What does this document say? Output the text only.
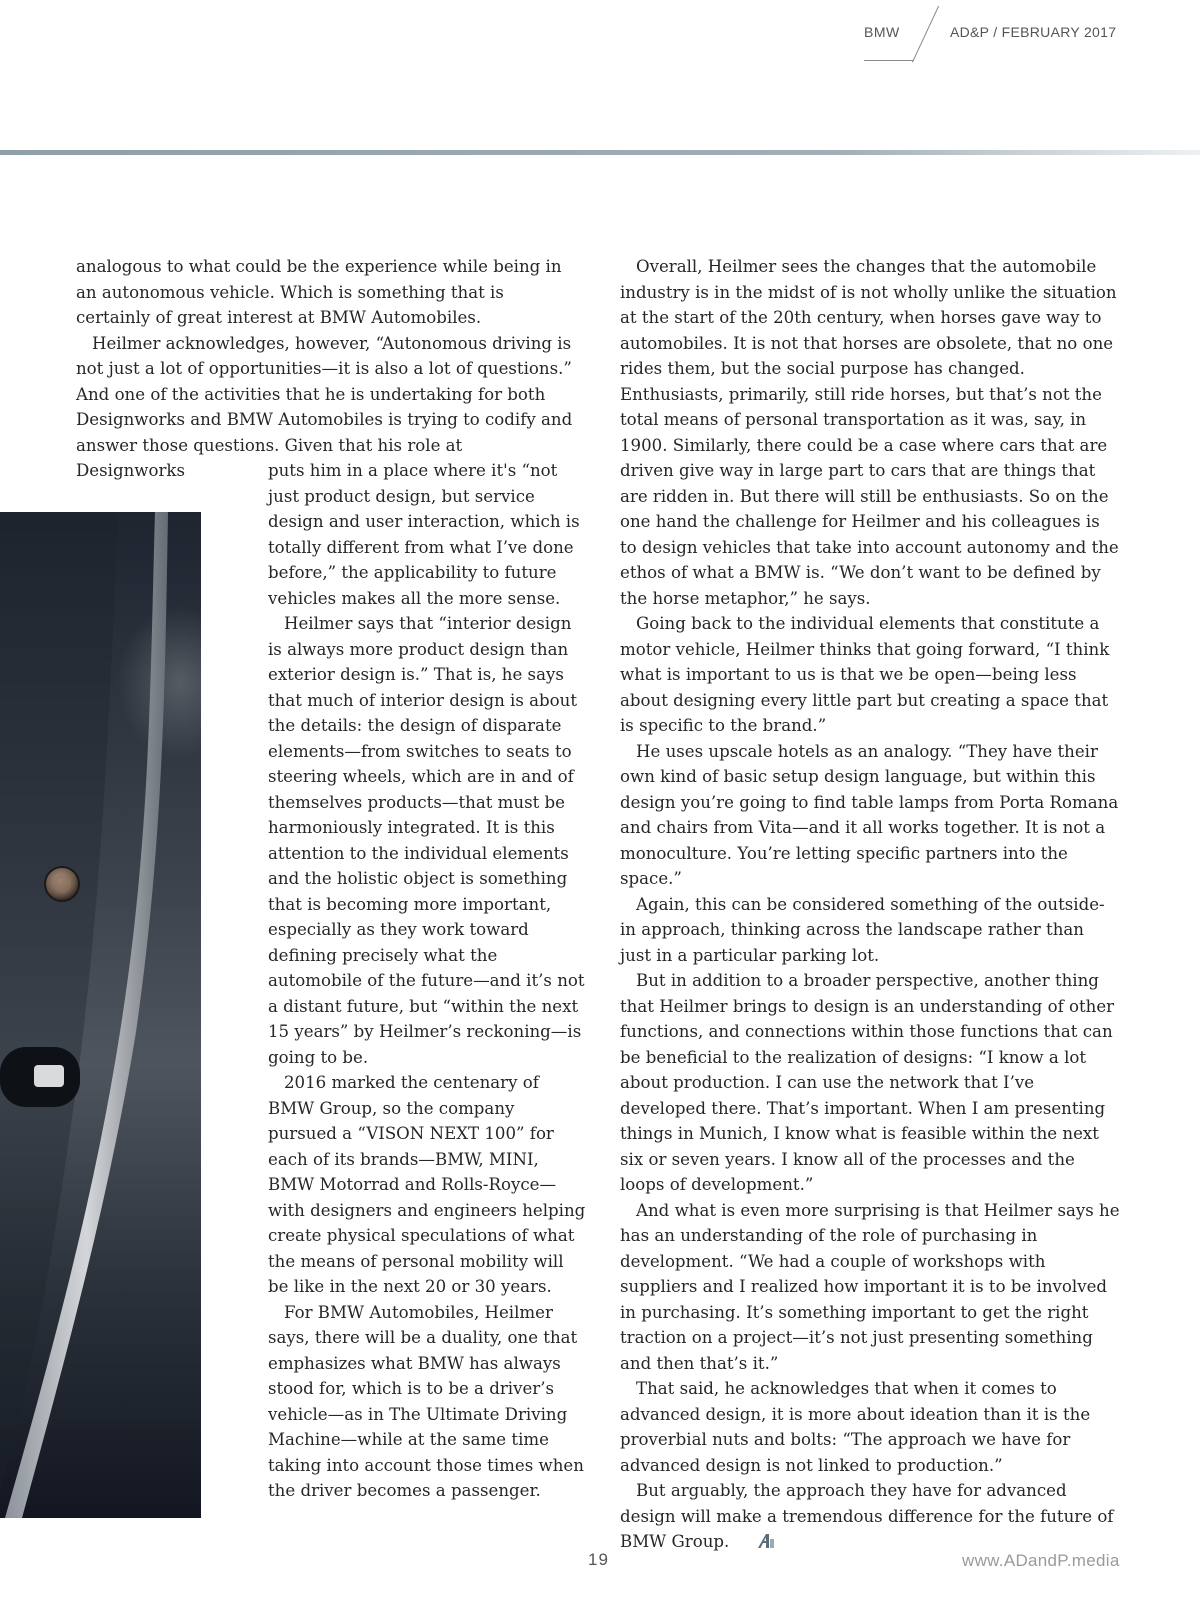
BMW	AD&P / FEBRUARY 2017

analogous to what could be the experience while being in an autonomous vehicle. Which is something that is certainly of great interest at BMW Automobiles.

Heilmer acknowledges, however, “Autonomous driving is not just a lot of opportunities—it is also a lot of questions.” And one of the activities that he is undertaking for both Designworks and BMW Automobiles is trying to codify and answer those questions. Given that his role at Designworks	puts him in a place where it's “not just product design, but service design and user interaction, which is totally different from what I’ve done before,” the applicability to future vehicles makes all the more sense.

Heilmer says that “interior design is always more product design than exterior design is.” That is, he says that much of interior design is about the details: the design of disparate elements—from switches to seats to steering wheels, which are in and of themselves products—that must be harmoniously integrated. It is this attention to the individual elements and the holistic object is something that is becoming more important, especially as they work toward defining precisely what the automobile of the future—and it’s not a distant future, but “within the next 15 years” by Heilmer’s reckoning—is going to be.

2016 marked the centenary of BMW Group, so the company pursued a “VISON NEXT 100” for each of its brands—BMW, MINI, BMW Motorrad and Rolls-Royce—with designers and engineers helping create physical speculations of what the means of personal mobility will be like in the next 20 or 30 years.

For BMW Automobiles, Heilmer says, there will be a duality, one that emphasizes what BMW has always stood for, which is to be a driver’s vehicle—as in The Ultimate Driving Machine—while at the same time taking into account those times when the driver becomes a passenger.

Overall, Heilmer sees the changes that the automobile industry is in the midst of is not wholly unlike the situation at the start of the 20th century, when horses gave way to automobiles. It is not that horses are obsolete, that no one rides them, but the social purpose has changed. Enthusiasts, primarily, still ride horses, but that’s not the total means of personal transportation as it was, say, in 1900. Similarly, there could be a case where cars that are driven give way in large part to cars that are things that are ridden in. But there will still be enthusiasts. So on the one hand the challenge for Heilmer and his colleagues is to design vehicles that take into account autonomy and the ethos of what a BMW is. “We don’t want to be defined by the horse metaphor,” he says.

Going back to the individual elements that constitute a motor vehicle, Heilmer thinks that going forward, “I think what is important to us is that we be open—being less about designing every little part but creating a space that is specific to the brand.”

He uses upscale hotels as an analogy. “They have their own kind of basic setup design language, but within this design you’re going to find table lamps from Porta Romana and chairs from Vita—and it all works together. It is not a monoculture. You’re letting specific partners into the space.”

Again, this can be considered something of the outside-in approach, thinking across the landscape rather than just in a particular parking lot.

But in addition to a broader perspective, another thing that Heilmer brings to design is an understanding of other functions, and connections within those functions that can be beneficial to the realization of designs: “I know a lot about production. I can use the network that I’ve developed there. That’s important. When I am presenting things in Munich, I know what is feasible within the next six or seven years. I know all of the processes and the loops of development.”

And what is even more surprising is that Heilmer says he has an understanding of the role of purchasing in development. “We had a couple of workshops with suppliers and I realized how important it is to be involved in purchasing. It’s something important to get the right traction on a project—it’s not just presenting something and then that’s it.”

That said, he acknowledges that when it comes to advanced design, it is more about ideation than it is the proverbial nuts and bolts: “The approach we have for advanced design is not linked to production.”

But arguably, the approach they have for advanced design will make a tremendous difference for the future of BMW Group.

19	www.ADandP.media
